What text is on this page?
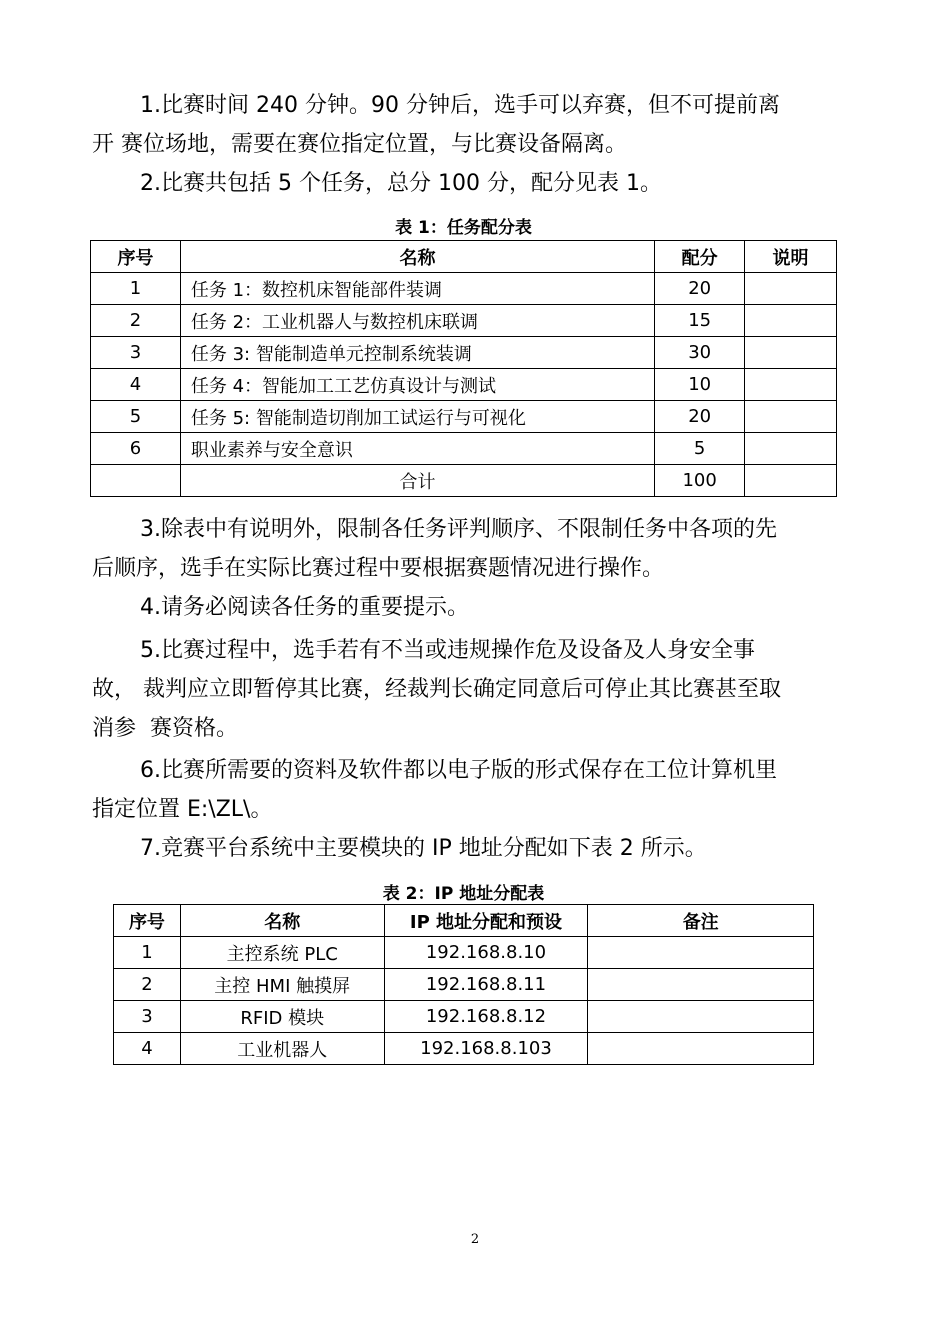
1.比赛时间 240 分钟。90 分钟后，选手可以弃赛，但不可提前离
开 赛位场地，需要在赛位指定位置，与比赛设备隔离。

2.比赛共包括 5 个任务，总分 100 分，配分见表 1。

表 1：任务配分表
序号	名称	配分	说明
1	任务 1：数控机床智能部件装调	20	
2	任务 2：工业机器人与数控机床联调	15	
3	任务 3: 智能制造单元控制系统装调	30	
4	任务 4：智能加工工艺仿真设计与测试	10	
5	任务 5: 智能制造切削加工试运行与可视化	20	
6	职业素养与安全意识	5	
	合计	100	

3.除表中有说明外，限制各任务评判顺序、不限制任务中各项的先
后顺序，选手在实际比赛过程中要根据赛题情况进行操作。

4.请务必阅读各任务的重要提示。

5.比赛过程中，选手若有不当或违规操作危及设备及人身安全事
故， 裁判应立即暂停其比赛，经裁判长确定同意后可停止其比赛甚至取
消参  赛资格。

6.比赛所需要的资料及软件都以电子版的形式保存在工位计算机里
指定位置 E:\ZL\。

7.竞赛平台系统中主要模块的 IP 地址分配如下表 2 所示。

表 2：IP 地址分配表
序号	名称	IP 地址分配和预设	备注
1	主控系统 PLC	192.168.8.10	
2	主控 HMI 触摸屏	192.168.8.11	
3	RFID 模块	192.168.8.12	
4	工业机器人	192.168.8.103	
2
